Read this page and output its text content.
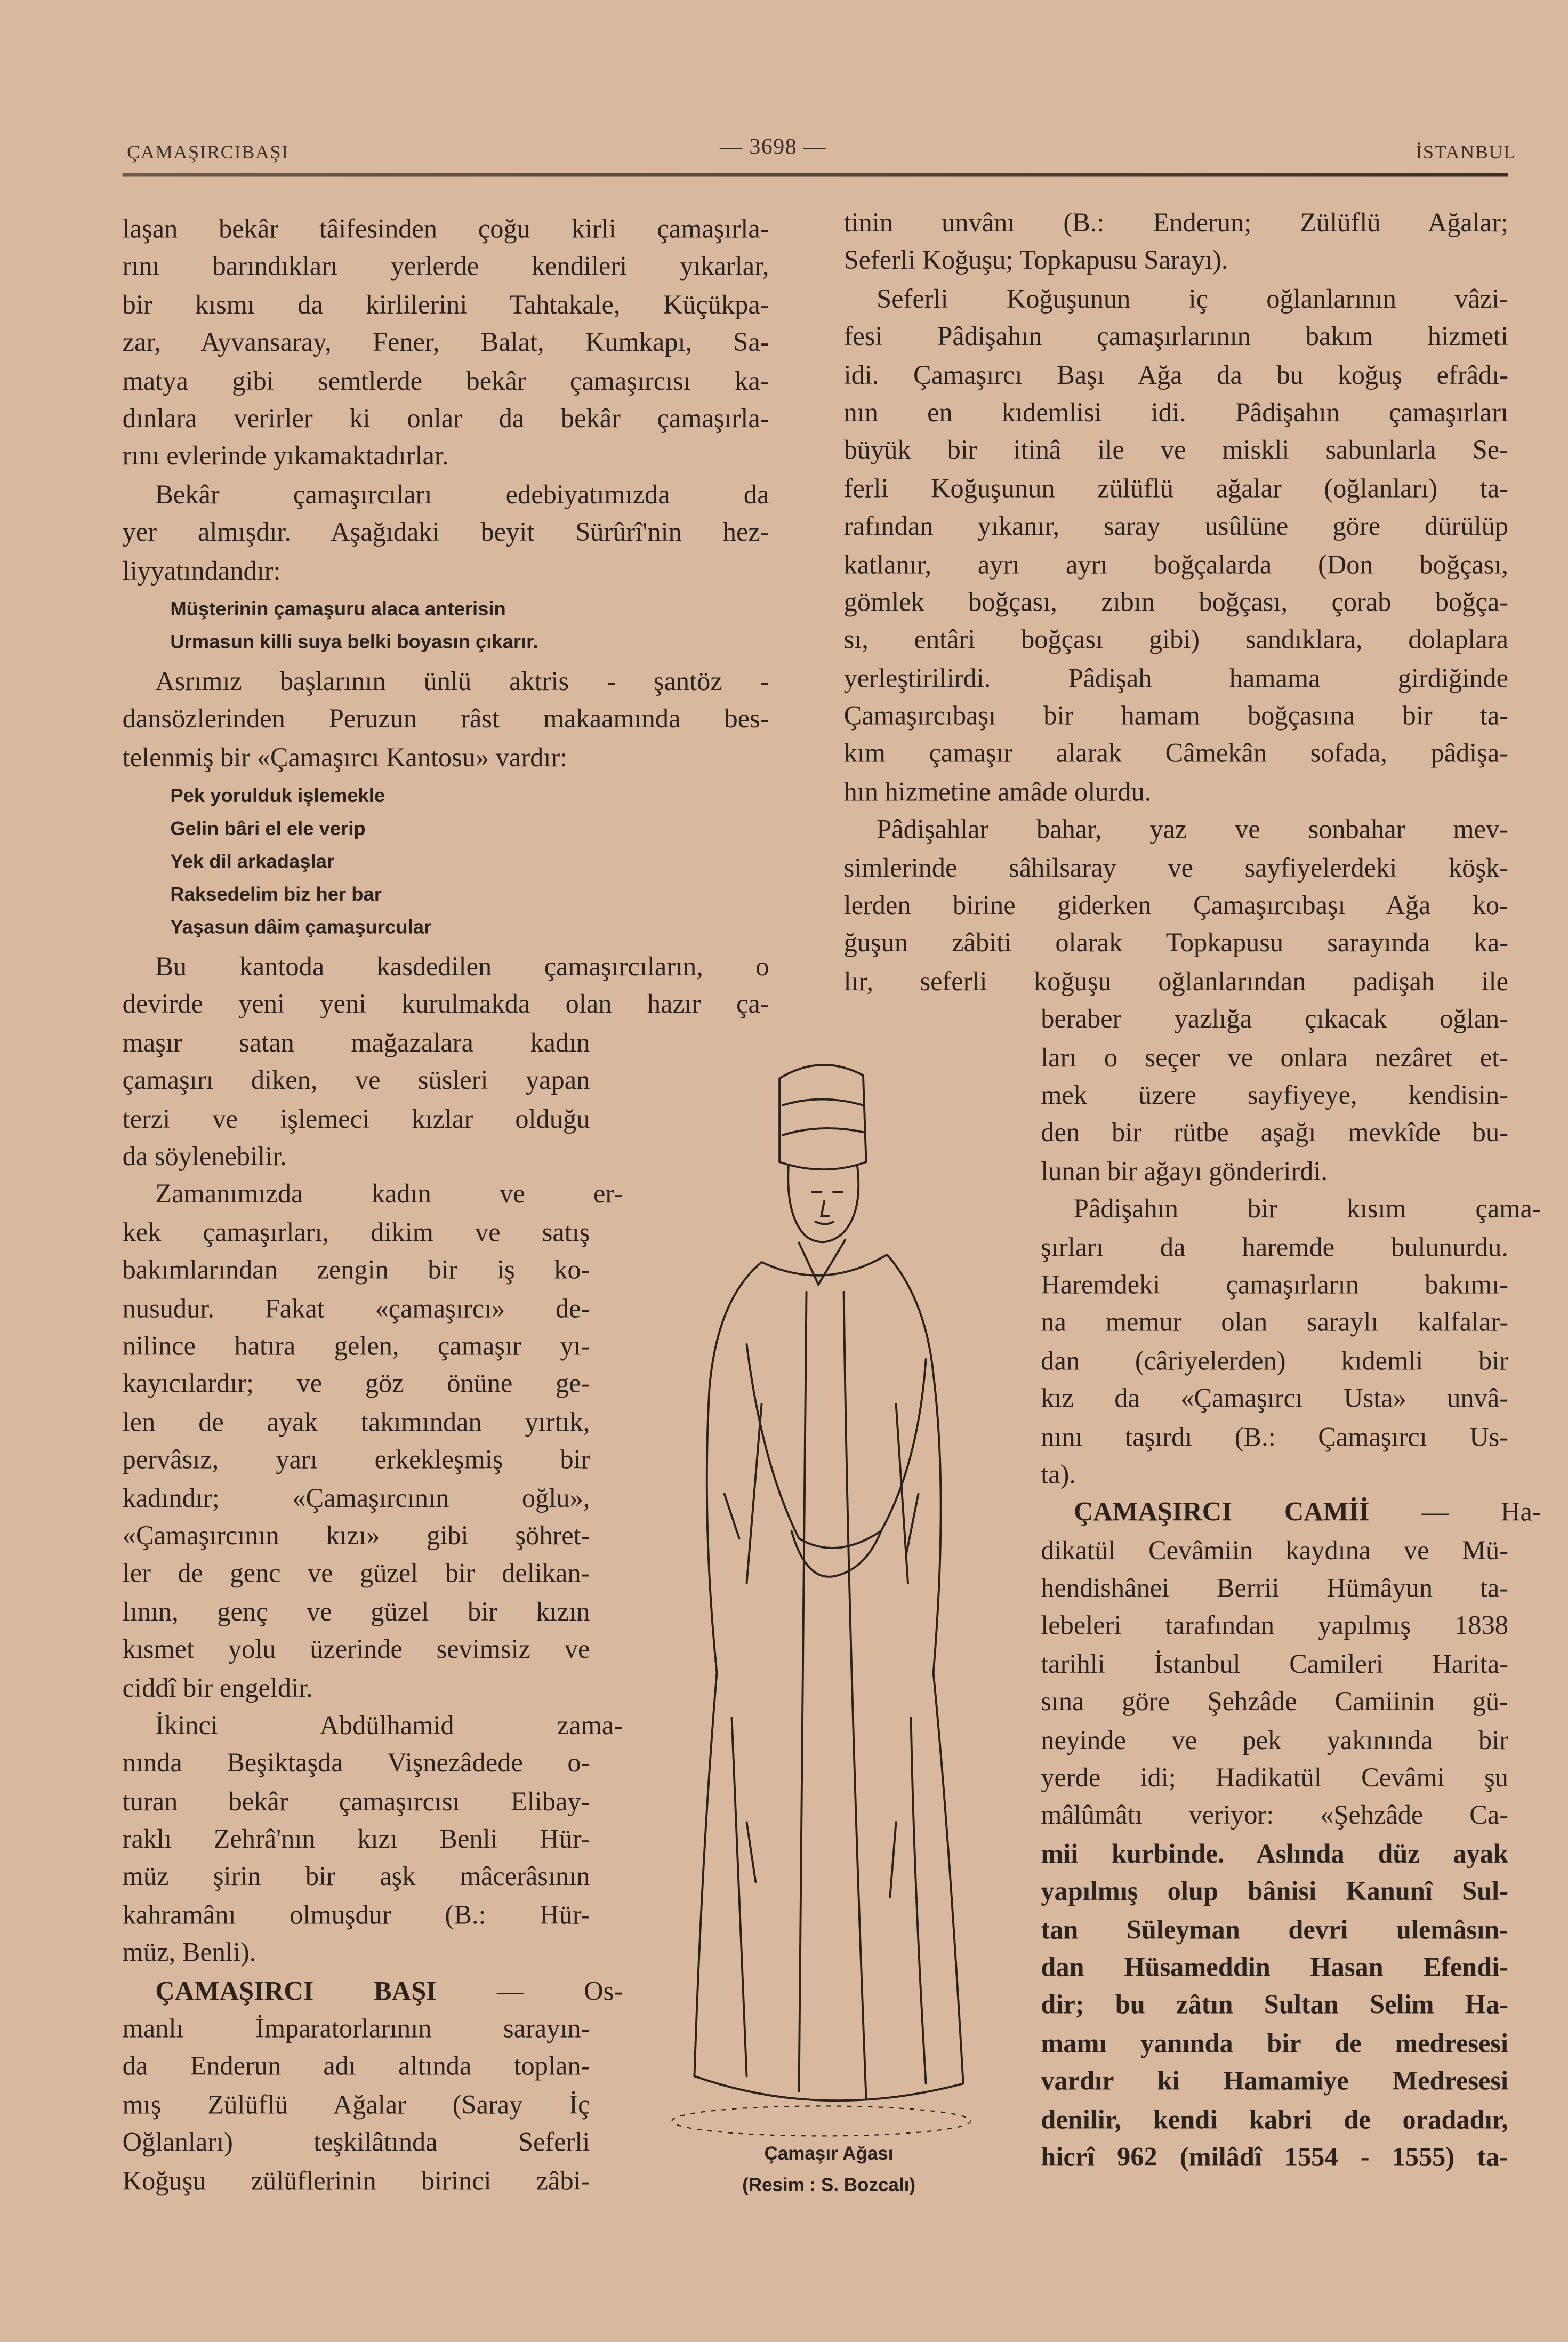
ÇAMAŞIRCIBAŞI	— 3698 —	İSTANBUL
laşan bekâr tâifesinden çoğu kirli çamaşırla-
rını barındıkları yerlerde kendileri yıkarlar,
bir kısmı da kirlilerini Tahtakale, Küçükpa-
zar, Ayvansaray, Fener, Balat, Kumkapı, Sa-
matya gibi semtlerde bekâr çamaşırcısı ka-
dınlara verirler ki onlar da bekâr çamaşırla-
rını evlerinde yıkamaktadırlar.
Bekâr çamaşırcıları edebiyatımızda da
yer almışdır. Aşağıdaki beyit Sürûrî'nin hez-
liyyatındandır:
Müşterinin çamaşuru alaca anterisin
Urmasun killi suya belki boyasın çıkarır.
Asrımız başlarının ünlü aktris - şantöz -
dansözlerinden Peruzun râst makaamında bes-
telenmiş bir «Çamaşırcı Kantosu» vardır:
Pek yorulduk işlemekle
Gelin bâri el ele verip
Yek dil arkadaşlar
Raksedelim biz her bar
Yaşasun dâim çamaşurcular
Bu kantoda kasdedilen çamaşırcıların, o
devirde yeni yeni kurulmakda olan hazır ça-
maşır satan mağazalara kadın
çamaşırı diken, ve süsleri yapan
terzi ve işlemeci kızlar olduğu
da söylenebilir.
Zamanımızda kadın ve er-
kek çamaşırları, dikim ve satış
bakımlarından zengin bir iş ko-
nusudur. Fakat «çamaşırcı» de-
nilince hatıra gelen, çamaşır yı-
kayıcılardır; ve göz önüne ge-
len de ayak takımından yırtık,
pervâsız, yarı erkekleşmiş bir
kadındır; «Çamaşırcının oğlu»,
«Çamaşırcının kızı» gibi şöhret-
ler de genc ve güzel bir delikan-
lının, genç ve güzel bir kızın
kısmet yolu üzerinde sevimsiz ve
ciddî bir engeldir.
İkinci Abdülhamid zama-
nında Beşiktaşda Vişnezâdede o-
turan bekâr çamaşırcısı Elibay-
raklı Zehrâ'nın kızı Benli Hür-
müz şirin bir aşk mâcerâsının
kahramânı olmuşdur (B.: Hür-
müz, Benli).
ÇAMAŞIRCI BAŞI — Os-
manlı İmparatorlarının sarayın-
da Enderun adı altında toplan-
mış Zülüflü Ağalar (Saray İç
Oğlanları) teşkilâtında Seferli
Koğuşu zülüflerinin birinci zâbi-
tinin unvânı (B.: Enderun; Zülüflü Ağalar;
Seferli Koğuşu; Topkapusu Sarayı).
Seferli Koğuşunun iç oğlanlarının vâzi-
fesi Pâdişahın çamaşırlarının bakım hizmeti
idi. Çamaşırcı Başı Ağa da bu koğuş efrâdı-
nın en kıdemlisi idi. Pâdişahın çamaşırları
büyük bir itinâ ile ve miskli sabunlarla Se-
ferli Koğuşunun zülüflü ağalar (oğlanları) ta-
rafından yıkanır, saray usûlüne göre dürülüp
katlanır, ayrı ayrı boğçalarda (Don boğçası,
gömlek boğçası, zıbın boğçası, çorab boğça-
sı, entâri boğçası gibi) sandıklara, dolaplara
yerleştirilirdi. Pâdişah hamama girdiğinde
Çamaşırcıbaşı bir hamam boğçasına bir ta-
kım çamaşır alarak Câmekân sofada, pâdişa-
hın hizmetine amâde olurdu.
Pâdişahlar bahar, yaz ve sonbahar mev-
simlerinde sâhilsaray ve sayfiyelerdeki köşk-
lerden birine giderken Çamaşırcıbaşı Ağa ko-
ğuşun zâbiti olarak Topkapusu sarayında ka-
lır, seferli koğuşu oğlanlarından padişah ile
beraber yazlığa çıkacak oğlan-
ları o seçer ve onlara nezâret et-
mek üzere sayfiyeye, kendisin-
den bir rütbe aşağı mevkîde bu-
lunan bir ağayı gönderirdi.
Pâdişahın bir kısım çama-
şırları da haremde bulunurdu.
Haremdeki çamaşırların bakımı-
na memur olan saraylı kalfalar-
dan (câriyelerden) kıdemli bir
kız da «Çamaşırcı Usta» unvâ-
nını taşırdı (B.: Çamaşırcı Us-
ta).
ÇAMAŞIRCI CAMİİ — Ha-
dikatül Cevâmiin kaydına ve Mü-
hendishânei Berrii Hümâyun ta-
lebeleri tarafından yapılmış 1838
tarihli İstanbul Camileri Harita-
sına göre Şehzâde Camiinin gü-
neyinde ve pek yakınında bir
yerde idi; Hadikatül Cevâmi şu
mâlûmâtı veriyor: «Şehzâde Ca-
mii kurbinde. Aslında düz ayak
yapılmış olup bânisi Kanunî Sul-
tan Süleyman devri ulemâsın-
dan Hüsameddin Hasan Efendi-
dir; bu zâtın Sultan Selim Ha-
mamı yanında bir de medresesi
vardır ki Hamamiye Medresesi
denilir, kendi kabri de oradadır,
hicrî 962 (milâdî 1554 - 1555) ta-
Çamaşır Ağası
(Resim : S. Bozcalı)
